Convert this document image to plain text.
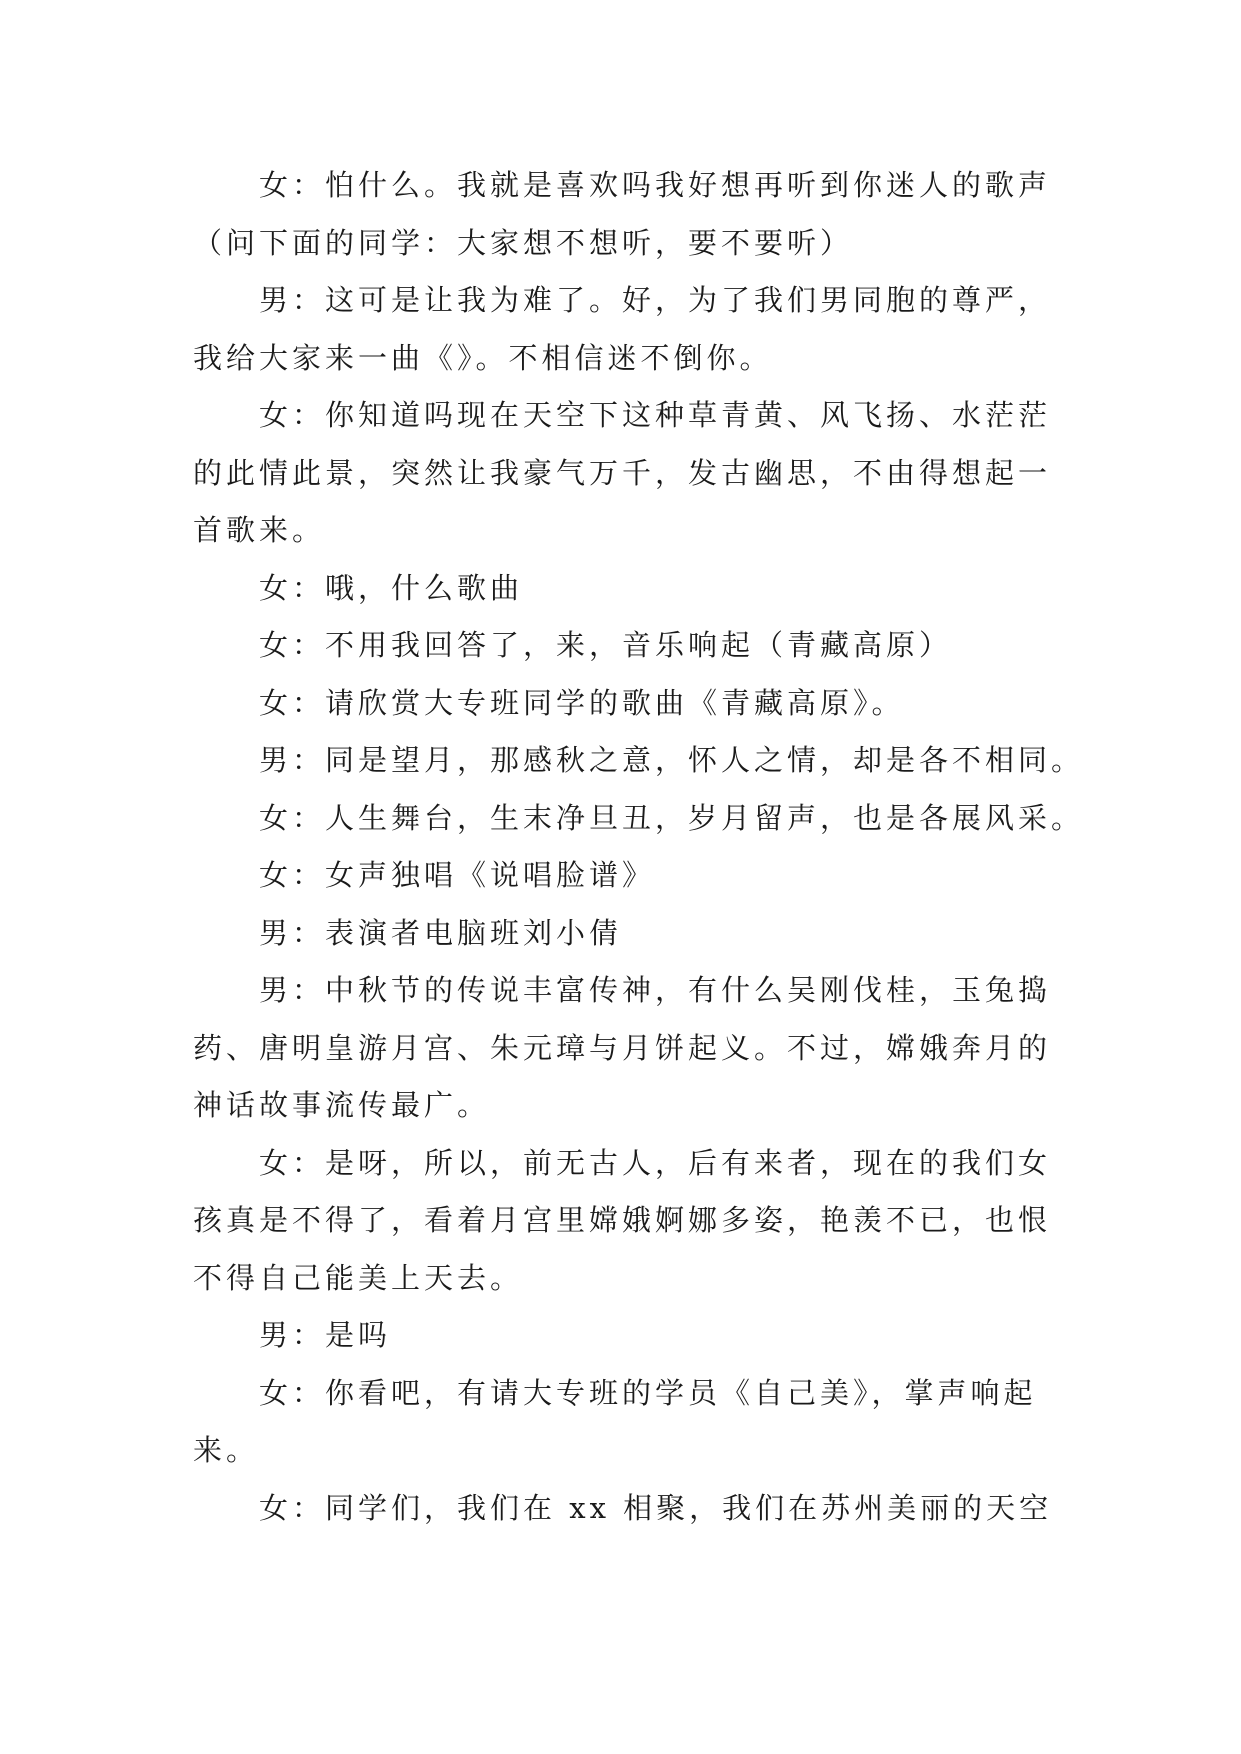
女：怕什么。我就是喜欢吗我好想再听到你迷人的歌声
（问下面的同学：大家想不想听，要不要听）

男：这可是让我为难了。好，为了我们男同胞的尊严，
我给大家来一曲《》。不相信迷不倒你。

女：你知道吗现在天空下这种草青黄、风飞扬、水茫茫
的此情此景，突然让我豪气万千，发古幽思，不由得想起一
首歌来。

女：哦，什么歌曲

女：不用我回答了，来，音乐响起（青藏高原）

女：请欣赏大专班同学的歌曲《青藏高原》。

男：同是望月，那感秋之意，怀人之情，却是各不相同。

女：人生舞台，生末净旦丑，岁月留声，也是各展风采。

女：女声独唱《说唱脸谱》

男：表演者电脑班刘小倩

男：中秋节的传说丰富传神，有什么吴刚伐桂，玉兔捣
药、唐明皇游月宫、朱元璋与月饼起义。不过，嫦娥奔月的
神话故事流传最广。

女：是呀，所以，前无古人，后有来者，现在的我们女
孩真是不得了，看着月宫里嫦娥婀娜多姿，艳羡不已，也恨
不得自己能美上天去。

男：是吗

女：你看吧，有请大专班的学员《自己美》，掌声响起
来。

女：同学们，我们在 xx 相聚，我们在苏州美丽的天空
